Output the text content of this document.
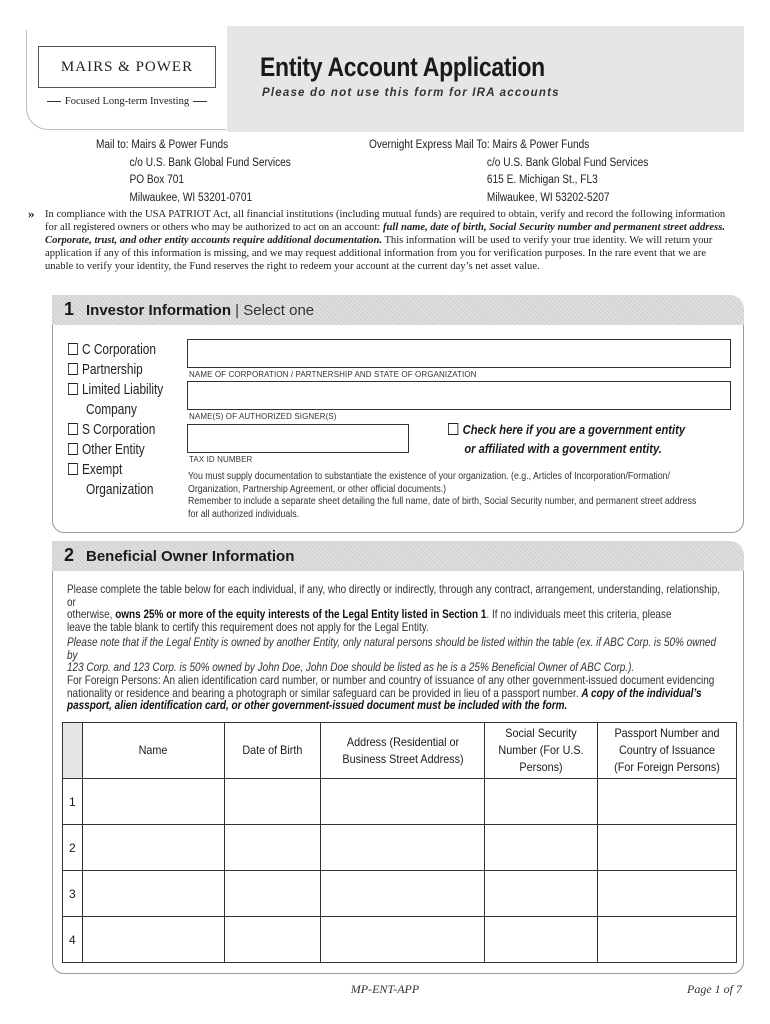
MAIRS & POWER
Focused Long-term Investing
Entity Account Application
Please do not use this form for IRA accounts
Mail to: Mairs & Power Funds
c/o U.S. Bank Global Fund Services
PO Box 701
Milwaukee, WI 53201-0701
Overnight Express Mail To: Mairs & Power Funds
c/o U.S. Bank Global Fund Services
615 E. Michigan St., FL3
Milwaukee, WI 53202-5207
» In compliance with the USA PATRIOT Act, all financial institutions (including mutual funds) are required to obtain, verify and record the following information for all registered owners or others who may be authorized to act on an account: full name, date of birth, Social Security number and permanent street address. Corporate, trust, and other entity accounts require additional documentation. This information will be used to verify your true identity. We will return your application if any of this information is missing, and we may request additional information from you for verification purposes. In the rare event that we are unable to verify your identity, the Fund reserves the right to redeem your account at the current day’s net asset value.
1 Investor Information | Select one
C Corporation
Partnership
Limited Liability
Company
S Corporation
Other Entity
Exempt
Organization
NAME OF CORPORATION / PARTNERSHIP AND STATE OF ORGANIZATION
NAME(S) OF AUTHORIZED SIGNER(S)
TAX ID NUMBER
Check here if you are a government entity
or affiliated with a government entity.
You must supply documentation to substantiate the existence of your organization. (e.g., Articles of Incorporation/Formation/
Organization, Partnership Agreement, or other official documents.)
Remember to include a separate sheet detailing the full name, date of birth, Social Security number, and permanent street address
for all authorized individuals.
2 Beneficial Owner Information
Please complete the table below for each individual, if any, who directly or indirectly, through any contract, arrangement, understanding, relationship, or
otherwise, owns 25% or more of the equity interests of the Legal Entity listed in Section 1. If no individuals meet this criteria, please
leave the table blank to certify this requirement does not apply for the Legal Entity.
Please note that if the Legal Entity is owned by another Entity, only natural persons should be listed within the table (ex. if ABC Corp. is 50% owned by
123 Corp. and 123 Corp. is 50% owned by John Doe, John Doe should be listed as he is a 25% Beneficial Owner of ABC Corp.).
For Foreign Persons: An alien identification card number, or number and country of issuance of any other government-issued document evidencing
nationality or residence and bearing a photograph or similar safeguard can be provided in lieu of a passport number. A copy of the individual’s
passport, alien identification card, or other government-issued document must be included with the form.
	Name	Date of Birth	Address (Residential or Business Street Address)	Social Security Number (For U.S. Persons)	Passport Number and Country of Issuance (For Foreign Persons)
1					
2					
3					
4					
MP-ENT-APP	Page 1 of 7
